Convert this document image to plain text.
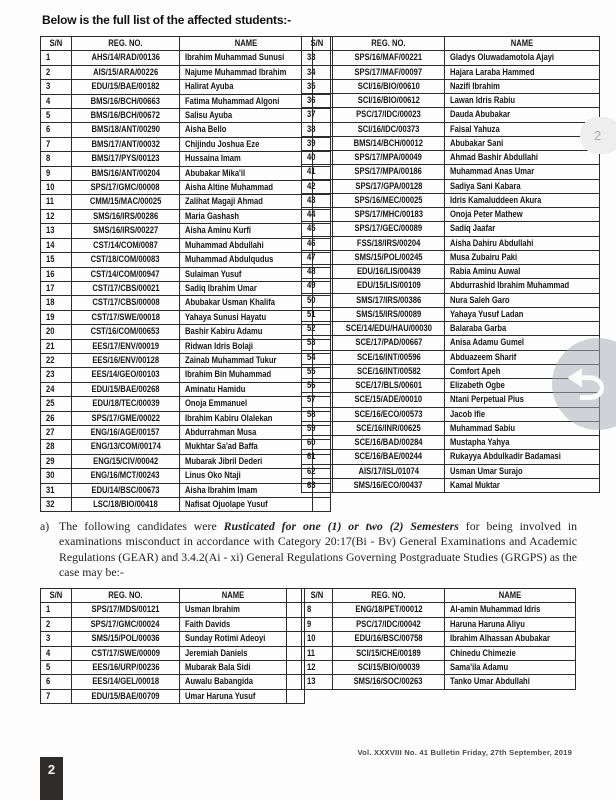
Below is the full list of the affected students:-
S/N	REG. NO.	NAME	
1	AHS/14/RAD/00136	Ibrahim Muhammad Sunusi	
2	AIS/15/ARA/00226	Najume Muhammad Ibrahim	
3	EDU/15/BAE/00182	Halirat Ayuba	
4	BMS/16/BCH/00663	Fatima Muhammad Algoni	
5	BMS/16/BCH/00672	Salisu Ayuba	
6	BMS/18/ANT/00290	Aisha Bello	
7	BMS/17/ANT/00032	Chijindu Joshua Eze	
8	BMS/17/PYS/00123	Hussaina Imam	
9	BMS/16/ANT/00204	Abubakar Mika'il	
10	SPS/17/GMC/00008	Aisha Altine Muhammad	
11	CMM/15/MAC/00025	Zalihat Magaji Ahmad	
12	SMS/16/IRS/00286	Maria Gashash	
13	SMS/16/IRS/00227	Aisha Aminu Kurfi	
14	CST/14/COM/0087	Muhammad Abdullahi	
15	CST/18/COM/00083	Muhammad Abdulqudus	
16	CST/14/COM/00947	Sulaiman Yusuf	
17	CST/17/CBS/00021	Sadiq Ibrahim Umar	
18	CST/17/CBS/00008	Abubakar Usman Khalifa	
19	CST/17/SWE/00018	Yahaya Sunusi Hayatu	
20	CST/16/COM/00653	Bashir Kabiru Adamu	
21	EES/17/ENV/00019	Ridwan Idris Bolaji	
22	EES/16/ENV/00128	Zainab Muhammad Tukur	
23	EES/14/GEO/00103	Ibrahim Bin Muhammad	
24	EDU/15/BAE/00268	Aminatu Hamidu	
25	EDU/18/TEC/00039	Onoja Emmanuel	
26	SPS/17/GME/00022	Ibrahim Kabiru Olalekan	
27	ENG/16/AGE/00157	Abdurrahman Musa	
28	ENG/13/COM/00174	Mukhtar Sa'ad Baffa	
29	ENG/15/CIV/00042	Mubarak Jibril Dederi	
30	ENG/16/MCT/00243	Linus Oko Ntaji	
31	EDU/14/BSC/00673	Aisha Ibrahim Imam	
32	LSC/18/BIO/00418	Nafisat Ojuolape Yusuf	
S/N	REG. NO.	NAME
33	SPS/16/MAF/00221	Gladys Oluwadamotola Ajayi
34	SPS/17/MAF/00097	Hajara Laraba Hammed
35	SCI/16/BIO/00610	Nazifi Ibrahim
36	SCI/16/BIO/00612	Lawan Idris Rabiu
37	PSC/17/IDC/00023	Dauda Abubakar
38	SCI/16/IDC/00373	Faisal Yahuza
39	BMS/14/BCH/00012	Abubakar Sani
40	SPS/17/MPA/00049	Ahmad Bashir Abdullahi
41	SPS/17/MPA/00186	Muhammad Anas Umar
42	SPS/17/GPA/00128	Sadiya Sani Kabara
43	SPS/16/MEC/00025	Idris Kamaluddeen Akura
44	SPS/17/MHC/00183	Onoja Peter Mathew
45	SPS/17/GEC/00089	Sadiq Jaafar
46	FSS/18/IRS/00204	Aisha Dahiru Abdullahi
47	SMS/15/POL/00245	Musa Zubairu Paki
48	EDU/16/LIS/00439	Rabia Aminu Auwal
49	EDU/15/LIS/00109	Abdurrashid Ibrahim Muhammad
50	SMS/17/IRS/00386	Nura Saleh Garo
51	SMS/15/IRS/00089	Yahaya Yusuf Ladan
52	SCE/14/EDU/HAU/00030	Balaraba Garba
53	SCE/17/PAD/00667	Anisa Adamu Gumel
54	SCE/16/INT/00596	Abduazeem Sharif
55	SCE/16/INT/00582	Comfort Apeh
56	SCE/17/BLS/00601	Elizabeth Ogbe
57	SCE/15/ADE/00010	Ntani Perpetual Pius
58	SCE/16/ECO/00573	Jacob Ifie
59	SCE/16/INR/00625	Muhammad Sabiu
60	SCE/16/BAD/00284	Mustapha Yahya
61	SCE/16/BAE/00244	Rukayya Abdulkadir Badamasi
62	AIS/17/ISL/01074	Usman Umar Surajo
63	SMS/16/ECO/00437	Kamal Muktar
a) The following candidates were Rusticated for one (1) or two (2) Semesters for being involved in examinations misconduct in accordance with Category 20:17(Bi - Bv) General Examinations and Academic Regulations (GEAR) and 3.4.2(Ai - xi) General Regulations Governing Postgraduate Studies (GRGPS) as the case may be:-
S/N	REG. NO.	NAME	
1	SPS/17/MDS/00121	Usman Ibrahim	
2	SPS/17/GMC/00024	Faith Davids	
3	SMS/15/POL/00036	Sunday Rotimi Adeoyi	
4	CST/17/SWE/00009	Jeremiah Daniels	
5	EES/16/URP/00236	Mubarak Bala Sidi	
6	EES/14/GEL/00018	Auwalu Babangida	
7	EDU/15/BAE/00709	Umar Haruna Yusuf	
S/N	REG. NO.	NAME
8	ENG/18/PET/00012	Al-amin Muhammad Idris
9	PSC/17/IDC/00042	Haruna Haruna Aliyu
10	EDU/16/BSC/00758	Ibrahim Alhassan Abubakar
11	SCI/15/CHE/00189	Chinedu Chimezie
12	SCI/15/BIO/00039	Sama'ila Adamu
13	SMS/16/SOC/00263	Tanko Umar Abdullahi
Vol. XXXVIII No. 41 Bulletin Friday, 27th September, 2019
2
2
